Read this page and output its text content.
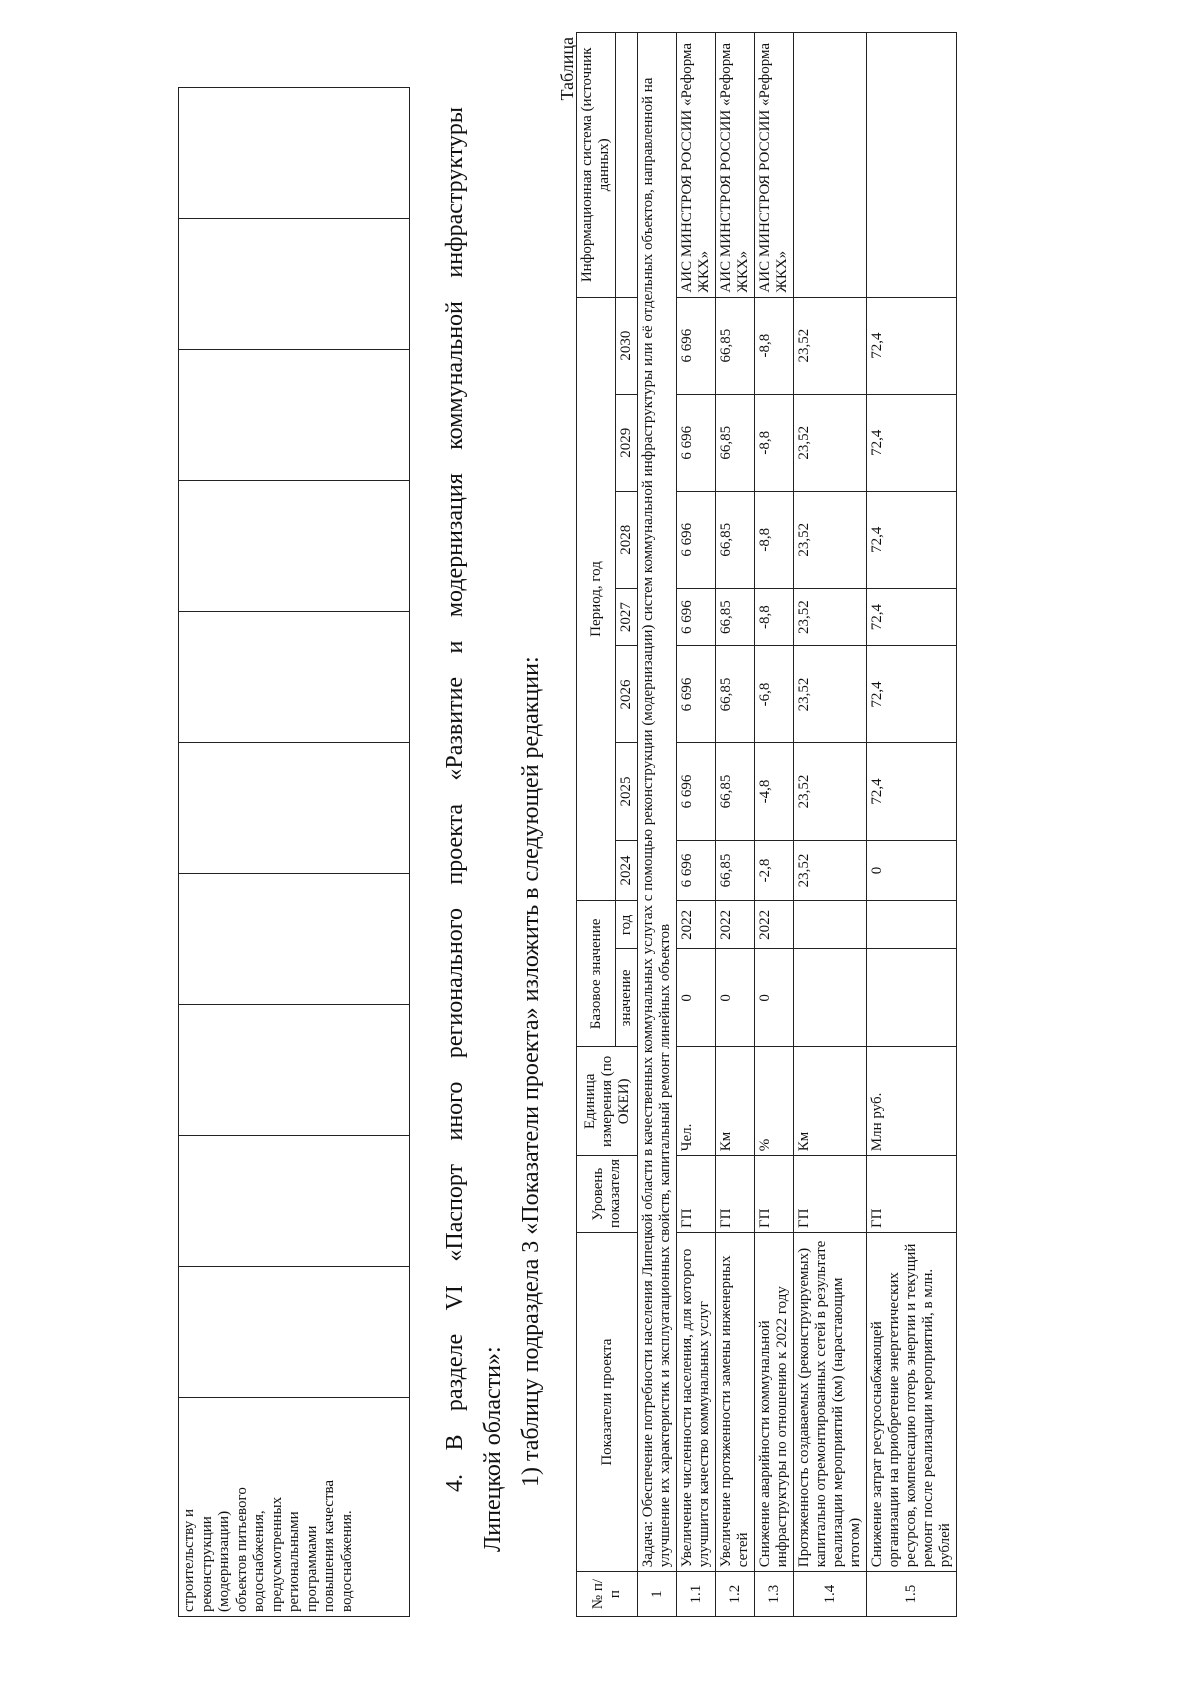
строительству и реконструкции (модернизации) объектов питьевого водоснабжения, предусмотренных региональными программами повышения качества водоснабжения.

4. В разделе VI «Паспорт иного регионального проекта «Развитие и модернизация коммунальной инфраструктуры Липецкой области»: 1) таблицу подраздела 3 «Показатели проекта» изложить в следующей редакции:
Таблица
№ п/п	Показатели проекта	Уровень показателя	Единица измерения (по ОКЕИ)	Базовое значение		Период, год							Информационная система (источник данных)
				значение	год	2024	2025	2026	2027	2028	2029	2030	
1	Задача: Обеспечение потребности населения Липецкой области в качественных коммунальных услугах с помощью реконструкции (модернизации) систем коммунальной инфраструктуры или её отдельных объектов, направленной на улучшение их характеристик и эксплуатационных свойств, капитальный ремонт линейных объектов												
1.1	Увеличение численности населения, для которого улучшится качество коммунальных услуг	ГП	Чел.	0	2022	6 696	6 696	6 696	6 696	6 696	6 696	6 696	АИС МИНСТРОЯ РОССИИ «Реформа ЖКХ»
1.2	Увеличение протяженности замены инженерных сетей	ГП	Км	0	2022	66,85	66,85	66,85	66,85	66,85	66,85	66,85	АИС МИНСТРОЯ РОССИИ «Реформа ЖКХ»
1.3	Снижение аварийности коммунальной инфраструктуры по отношению к 2022 году	ГП	%	0	2022	-2,8	-4,8	-6,8	-8,8	-8,8	-8,8	-8,8	АИС МИНСТРОЯ РОССИИ «Реформа ЖКХ»
1.4	Протяженность создаваемых (реконструируемых) капитально отремонтированных сетей в результате реализации мероприятий (км) (нарастающим итогом)	ГП	Км			23,52	23,52	23,52	23,52	23,52	23,52	23,52	
1.5	Снижение затрат ресурсоснабжающей организации на приобретение энергетических ресурсов, компенсацию потерь энергии и текущий ремонт после реализации мероприятий, в млн. рублей	ГП	Млн руб.			0	72,4	72,4	72,4	72,4	72,4	72,4	
